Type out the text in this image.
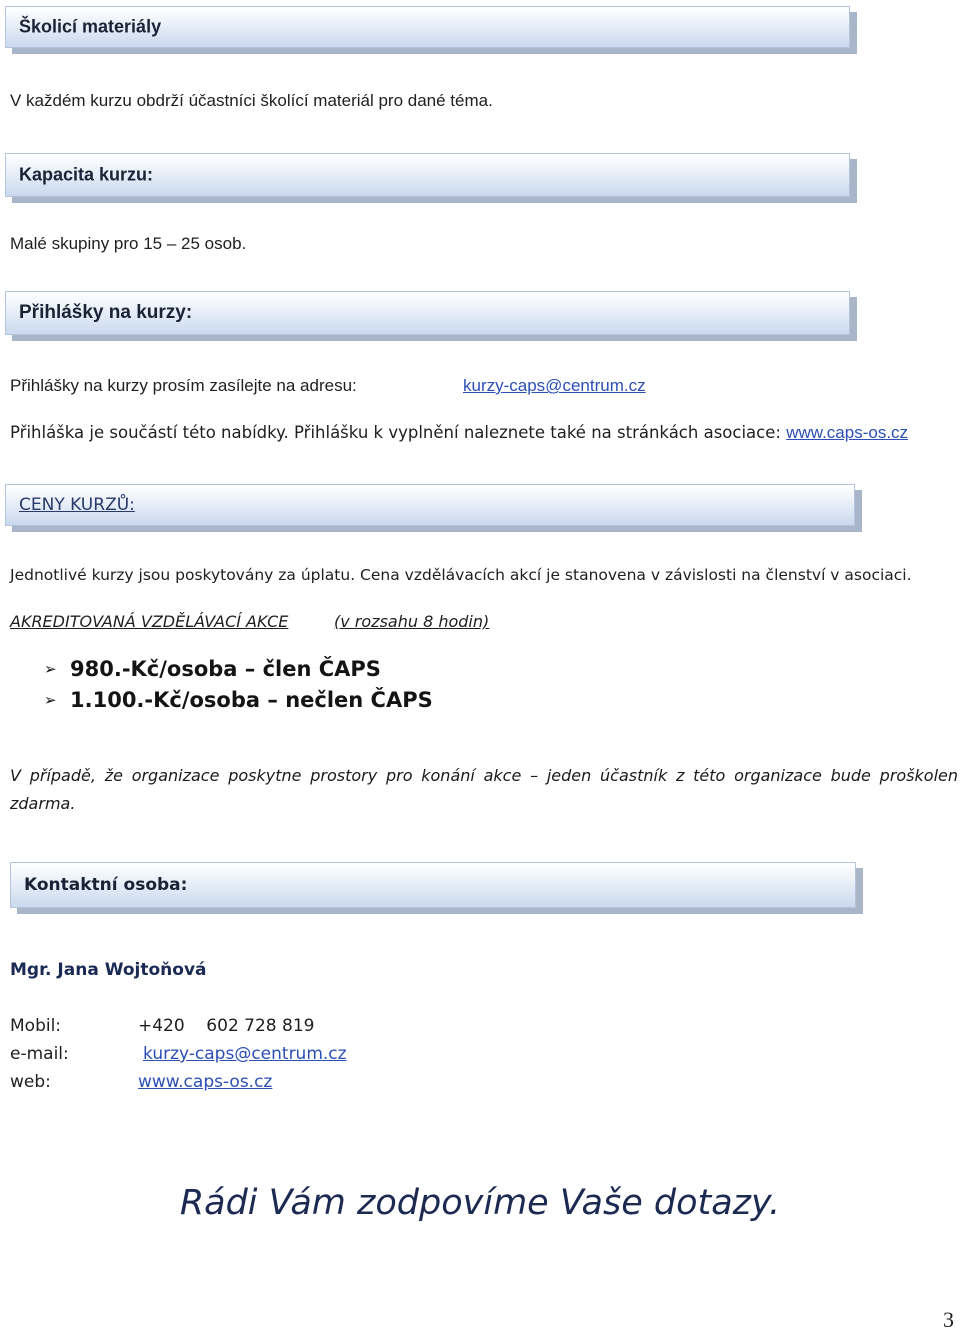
Školicí materiály
V každém kurzu obdrží účastníci školící materiál pro dané téma.
Kapacita kurzu:
Malé skupiny pro 15 – 25 osob.
Přihlášky na kurzy:
Přihlášky na kurzy prosím zasílejte na adresu:	kurzy-caps@centrum.cz
Přihláška je součástí této nabídky. Přihlášku k vyplnění naleznete také na stránkách asociace: www.caps-os.cz
CENY KURZŮ:
Jednotlivé kurzy jsou poskytovány za úplatu. Cena vzdělávacích akcí je stanovena v závislosti na členství v asociaci.
AKREDITOVANÁ VZDĚLÁVACÍ AKCE	(v rozsahu 8 hodin)
➢ 980.-Kč/osoba – člen ČAPS
➢ 1.100.-Kč/osoba – nečlen ČAPS
V případě, že organizace poskytne prostory pro konání akce – jeden účastník z této organizace bude proškolen zdarma.
Kontaktní osoba:
Mgr. Jana Wojtoňová
Mobil:	+420    602 728 819
e-mail:	kurzy-caps@centrum.cz
web:	www.caps-os.cz
Rádi Vám zodpovíme Vaše dotazy.
3
